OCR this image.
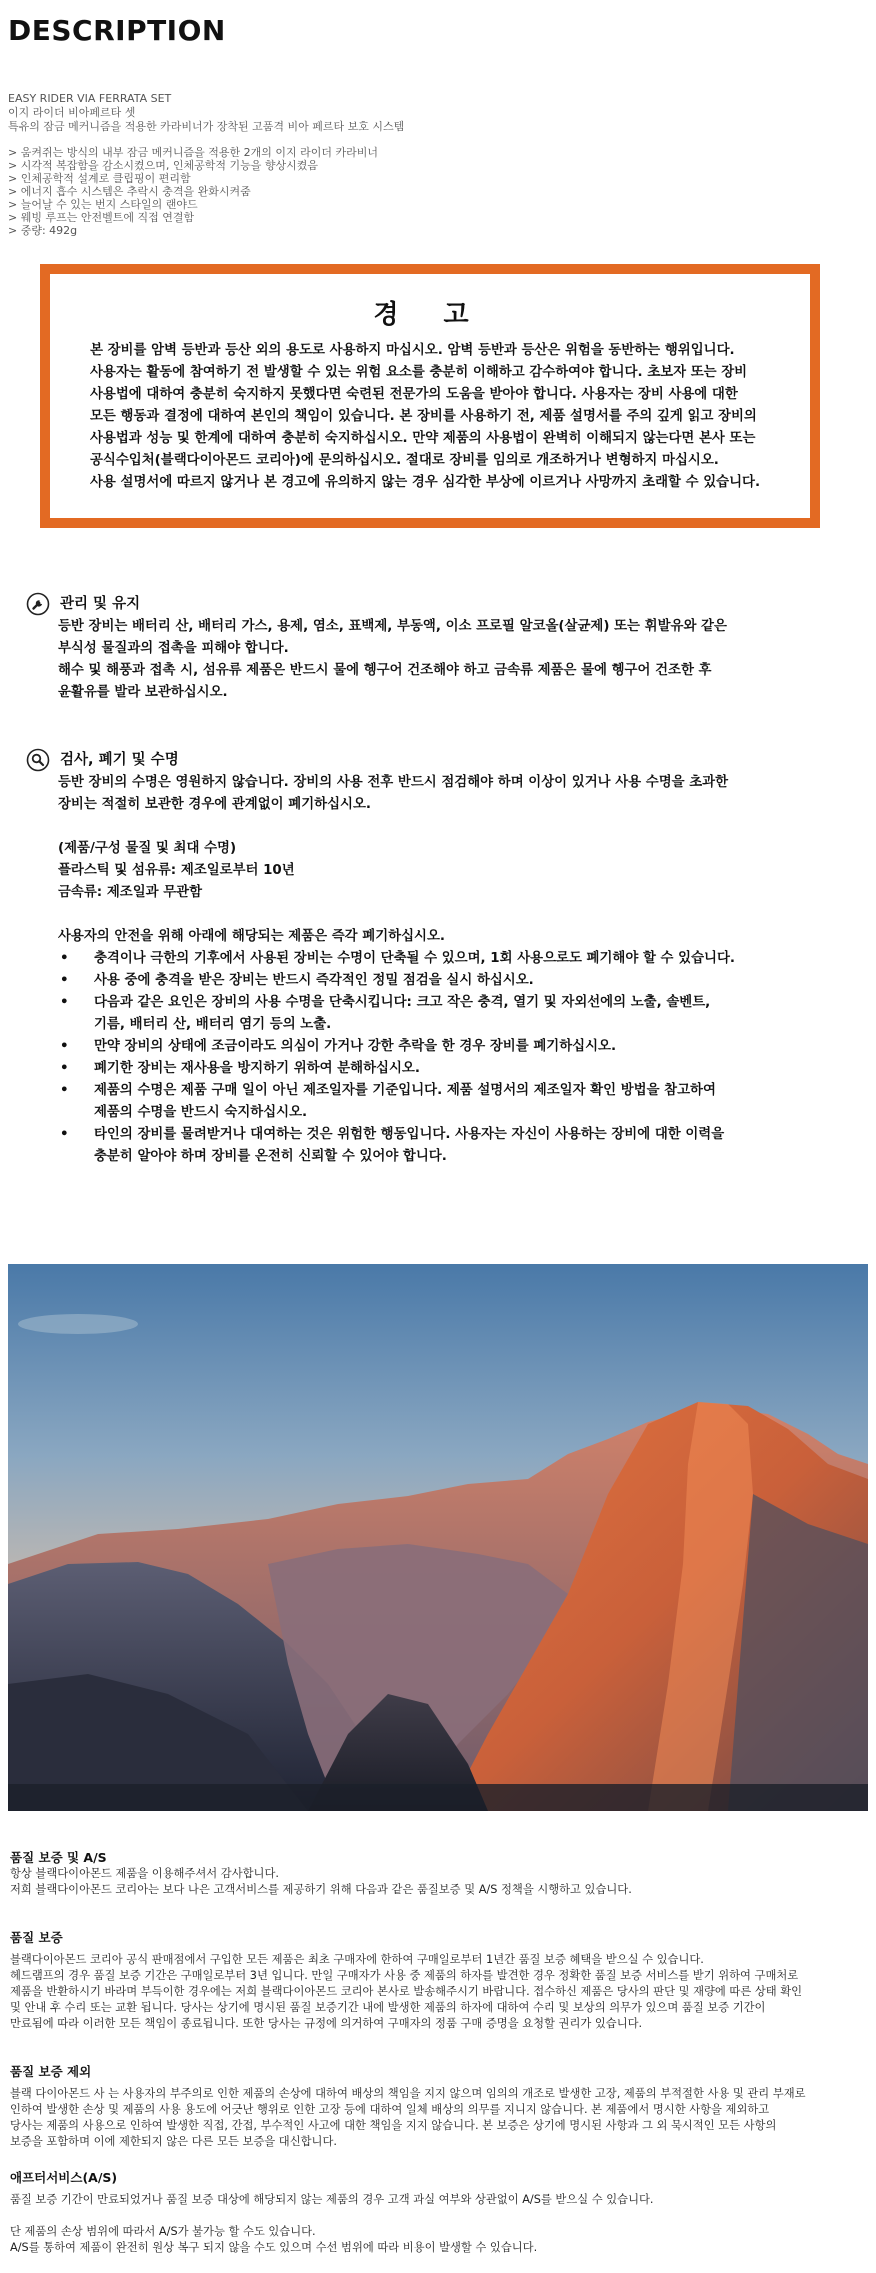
DESCRIPTION
EASY RIDER VIA FERRATA SET
이지 라이더 비아페르타 셋
특유의 잠금 메커니즘을 적용한 카라비너가 장착된 고품격 비아 페르타 보호 시스템
> 움켜쥐는 방식의 내부 잠금 메커니즘을 적용한 2개의 이지 라이더 카라비너
> 시각적 복잡함을 감소시켰으며, 인체공학적 기능을 향상시켰음
> 인체공학적 설계로 클립핑이 편리함
> 에너지 흡수 시스템은 추락시 충격을 완화시켜줌
> 늘어날 수 있는 번지 스타일의 랜야드
> 웨빙 루프는 안전벨트에 직접 연결함
> 중량: 492g
경 고
본 장비를 암벽 등반과 등산 외의 용도로 사용하지 마십시오. 암벽 등반과 등산은 위험을 동반하는 행위입니다.
사용자는 활동에 참여하기 전 발생할 수 있는 위험 요소를 충분히 이해하고 감수하여야 합니다. 초보자 또는 장비
사용법에 대하여 충분히 숙지하지 못했다면 숙련된 전문가의 도움을 받아야 합니다. 사용자는 장비 사용에 대한
모든 행동과 결정에 대하여 본인의 책임이 있습니다. 본 장비를 사용하기 전, 제품 설명서를 주의 깊게 읽고 장비의
사용법과 성능 및 한계에 대하여 충분히 숙지하십시오. 만약 제품의 사용법이 완벽히 이해되지 않는다면 본사 또는
공식수입처(블랙다이아몬드 코리아)에 문의하십시오. 절대로 장비를 임의로 개조하거나 변형하지 마십시오.
사용 설명서에 따르지 않거나 본 경고에 유의하지 않는 경우 심각한 부상에 이르거나 사망까지 초래할 수 있습니다.
관리 및 유지
등반 장비는 배터리 산, 배터리 가스, 용제, 염소, 표백제, 부동액, 이소 프로필 알코올(살균제) 또는 휘발유와 같은
부식성 물질과의 접촉을 피해야 합니다.
해수 및 해풍과 접촉 시, 섬유류 제품은 반드시 물에 헹구어 건조해야 하고 금속류 제품은 물에 헹구어 건조한 후
윤활유를 발라 보관하십시오.
검사, 폐기 및 수명
등반 장비의 수명은 영원하지 않습니다. 장비의 사용 전후 반드시 점검해야 하며 이상이 있거나 사용 수명을 초과한
장비는 적절히 보관한 경우에 관계없이 폐기하십시오.
(제품/구성 물질 및 최대 수명)
플라스틱 및 섬유류: 제조일로부터 10년
금속류: 제조일과 무관함
사용자의 안전을 위해 아래에 해당되는 제품은 즉각 폐기하십시오.
• 충격이나 극한의 기후에서 사용된 장비는 수명이 단축될 수 있으며, 1회 사용으로도 폐기해야 할 수 있습니다.
• 사용 중에 충격을 받은 장비는 반드시 즉각적인 정밀 점검을 실시 하십시오.
• 다음과 같은 요인은 장비의 사용 수명을 단축시킵니다: 크고 작은 충격, 열기 및 자외선에의 노출, 솔벤트,
기름, 배터리 산, 배터리 염기 등의 노출.
• 만약 장비의 상태에 조금이라도 의심이 가거나 강한 추락을 한 경우 장비를 폐기하십시오.
• 폐기한 장비는 재사용을 방지하기 위하여 분해하십시오.
• 제품의 수명은 제품 구매 일이 아닌 제조일자를 기준입니다. 제품 설명서의 제조일자 확인 방법을 참고하여
제품의 수명을 반드시 숙지하십시오.
• 타인의 장비를 물려받거나 대여하는 것은 위험한 행동입니다. 사용자는 자신이 사용하는 장비에 대한 이력을
충분히 알아야 하며 장비를 온전히 신뢰할 수 있어야 합니다.
품질 보증 및 A/S
항상 블랙다이아몬드 제품을 이용해주셔서 감사합니다.
저희 블랙다이아몬드 코리아는 보다 나은 고객서비스를 제공하기 위해 다음과 같은 품질보증 및 A/S 정책을 시행하고 있습니다.
품질 보증
블랙다이아몬드 코리아 공식 판매점에서 구입한 모든 제품은 최초 구매자에 한하여 구매일로부터 1년간 품질 보증 혜택을 받으실 수 있습니다.
헤드램프의 경우 품질 보증 기간은 구매일로부터 3년 입니다. 만일 구매자가 사용 중 제품의 하자를 발견한 경우 정확한 품질 보증 서비스를 받기 위하여 구매처로
제품을 반환하시기 바라며 부득이한 경우에는 저희 블랙다이아몬드 코리아 본사로 발송해주시기 바랍니다. 접수하신 제품은 당사의 판단 및 재량에 따른 상태 확인
및 안내 후 수리 또는 교환 됩니다. 당사는 상기에 명시된 품질 보증기간 내에 발생한 제품의 하자에 대하여 수리 및 보상의 의무가 있으며 품질 보증 기간이
만료됨에 따라 이러한 모든 책임이 종료됩니다. 또한 당사는 규정에 의거하여 구매자의 정품 구매 증명을 요청할 권리가 있습니다.
품질 보증 제외
블랙 다이아몬드 사 는 사용자의 부주의로 인한 제품의 손상에 대하여 배상의 책임을 지지 않으며 임의의 개조로 발생한 고장, 제품의 부적절한 사용 및 관리 부재로
인하여 발생한 손상 및 제품의 사용 용도에 어긋난 행위로 인한 고장 등에 대하여 일체 배상의 의무를 지니지 않습니다. 본 제품에서 명시한 사항을 제외하고
당사는 제품의 사용으로 인하여 발생한 직접, 간접, 부수적인 사고에 대한 책임을 지지 않습니다. 본 보증은 상기에 명시된 사항과 그 외 묵시적인 모든 사항의
보증을 포함하며 이에 제한되지 않은 다른 모든 보증을 대신합니다.
애프터서비스(A/S)
품질 보증 기간이 만료되었거나 품질 보증 대상에 해당되지 않는 제품의 경우 고객 과실 여부와 상관없이 A/S를 받으실 수 있습니다.
단 제품의 손상 범위에 따라서 A/S가 불가능 할 수도 있습니다.
A/S를 통하여 제품이 완전히 원상 복구 되지 않을 수도 있으며 수선 범위에 따라 비용이 발생할 수 있습니다.
